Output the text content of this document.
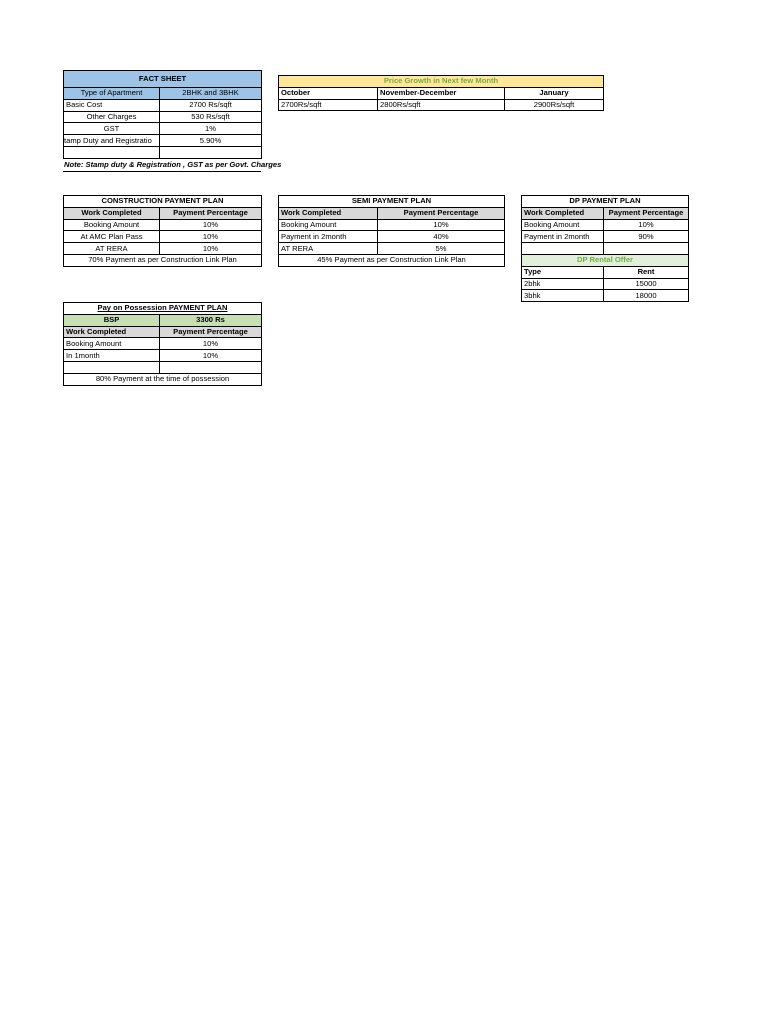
FACT SHEET	
Type of Apartment	2BHK and 3BHK
Basic Cost	2700 Rs/sqft
Other Charges	530 Rs/sqft
GST	1%
tamp Duty and Registratio	5.90%

Note: Stamp duty & Registration , GST as per Govt. Charges
Price Growth in Next few Month		
October	November-December	January
2700Rs/sqft	2800Rs/sqft	2900Rs/sqft
CONSTRUCTION PAYMENT PLAN	
Work Completed	Payment Percentage
Booking Amount	10%
At AMC Plan Pass	10%
AT RERA	10%
70% Payment as per Construction Link Plan	
SEMI PAYMENT PLAN	
Work Completed	Payment Percentage
Booking Amount	10%
Payment in 2month	40%
AT RERA	5%
45% Payment as per Construction Link Plan	
DP PAYMENT PLAN	
Work Completed	Payment Percentage
Booking Amount	10%
Payment in 2month	90%

DP Rental Offer	
Type	Rent
2bhk	15000
3bhk	18000
Pay on Possession PAYMENT PLAN	
BSP	3300 Rs
Work Completed	Payment Percentage
Booking Amount	10%
In 1month	10%

80% Payment at the time of possession	
